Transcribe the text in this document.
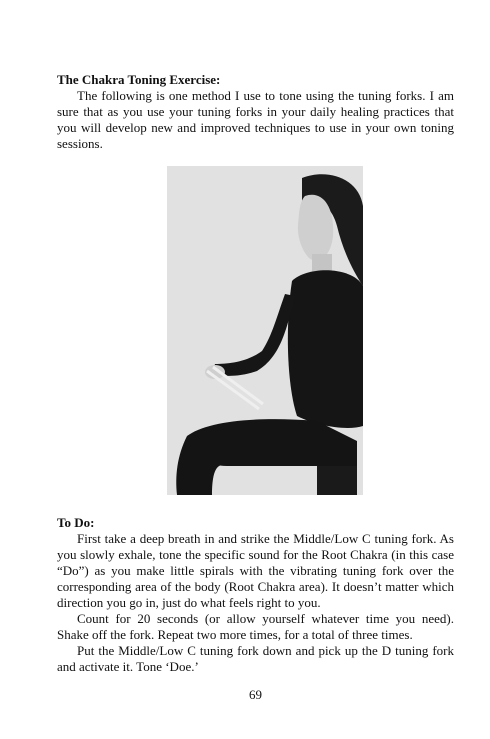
The Chakra Toning Exercise:

The following is one method I use to tone using the tuning forks. I am sure that as you use your tuning forks in your daily healing practices that you will develop new and improved techniques to use in your own toning sessions.

To Do:

First take a deep breath in and strike the Middle/Low C tuning fork. As you slowly exhale, tone the specific sound for the Root Chakra (in this case “Do”) as you make little spirals with the vibrating tuning fork over the corresponding area of the body (Root Chakra area). It doesn’t matter which direction you go in, just do what feels right to you.

Count for 20 seconds (or allow yourself whatever time you need). Shake off the fork. Repeat two more times, for a total of three times.

Put the Middle/Low C tuning fork down and pick up the D tuning fork and activate it. Tone ‘Doe.’

69
